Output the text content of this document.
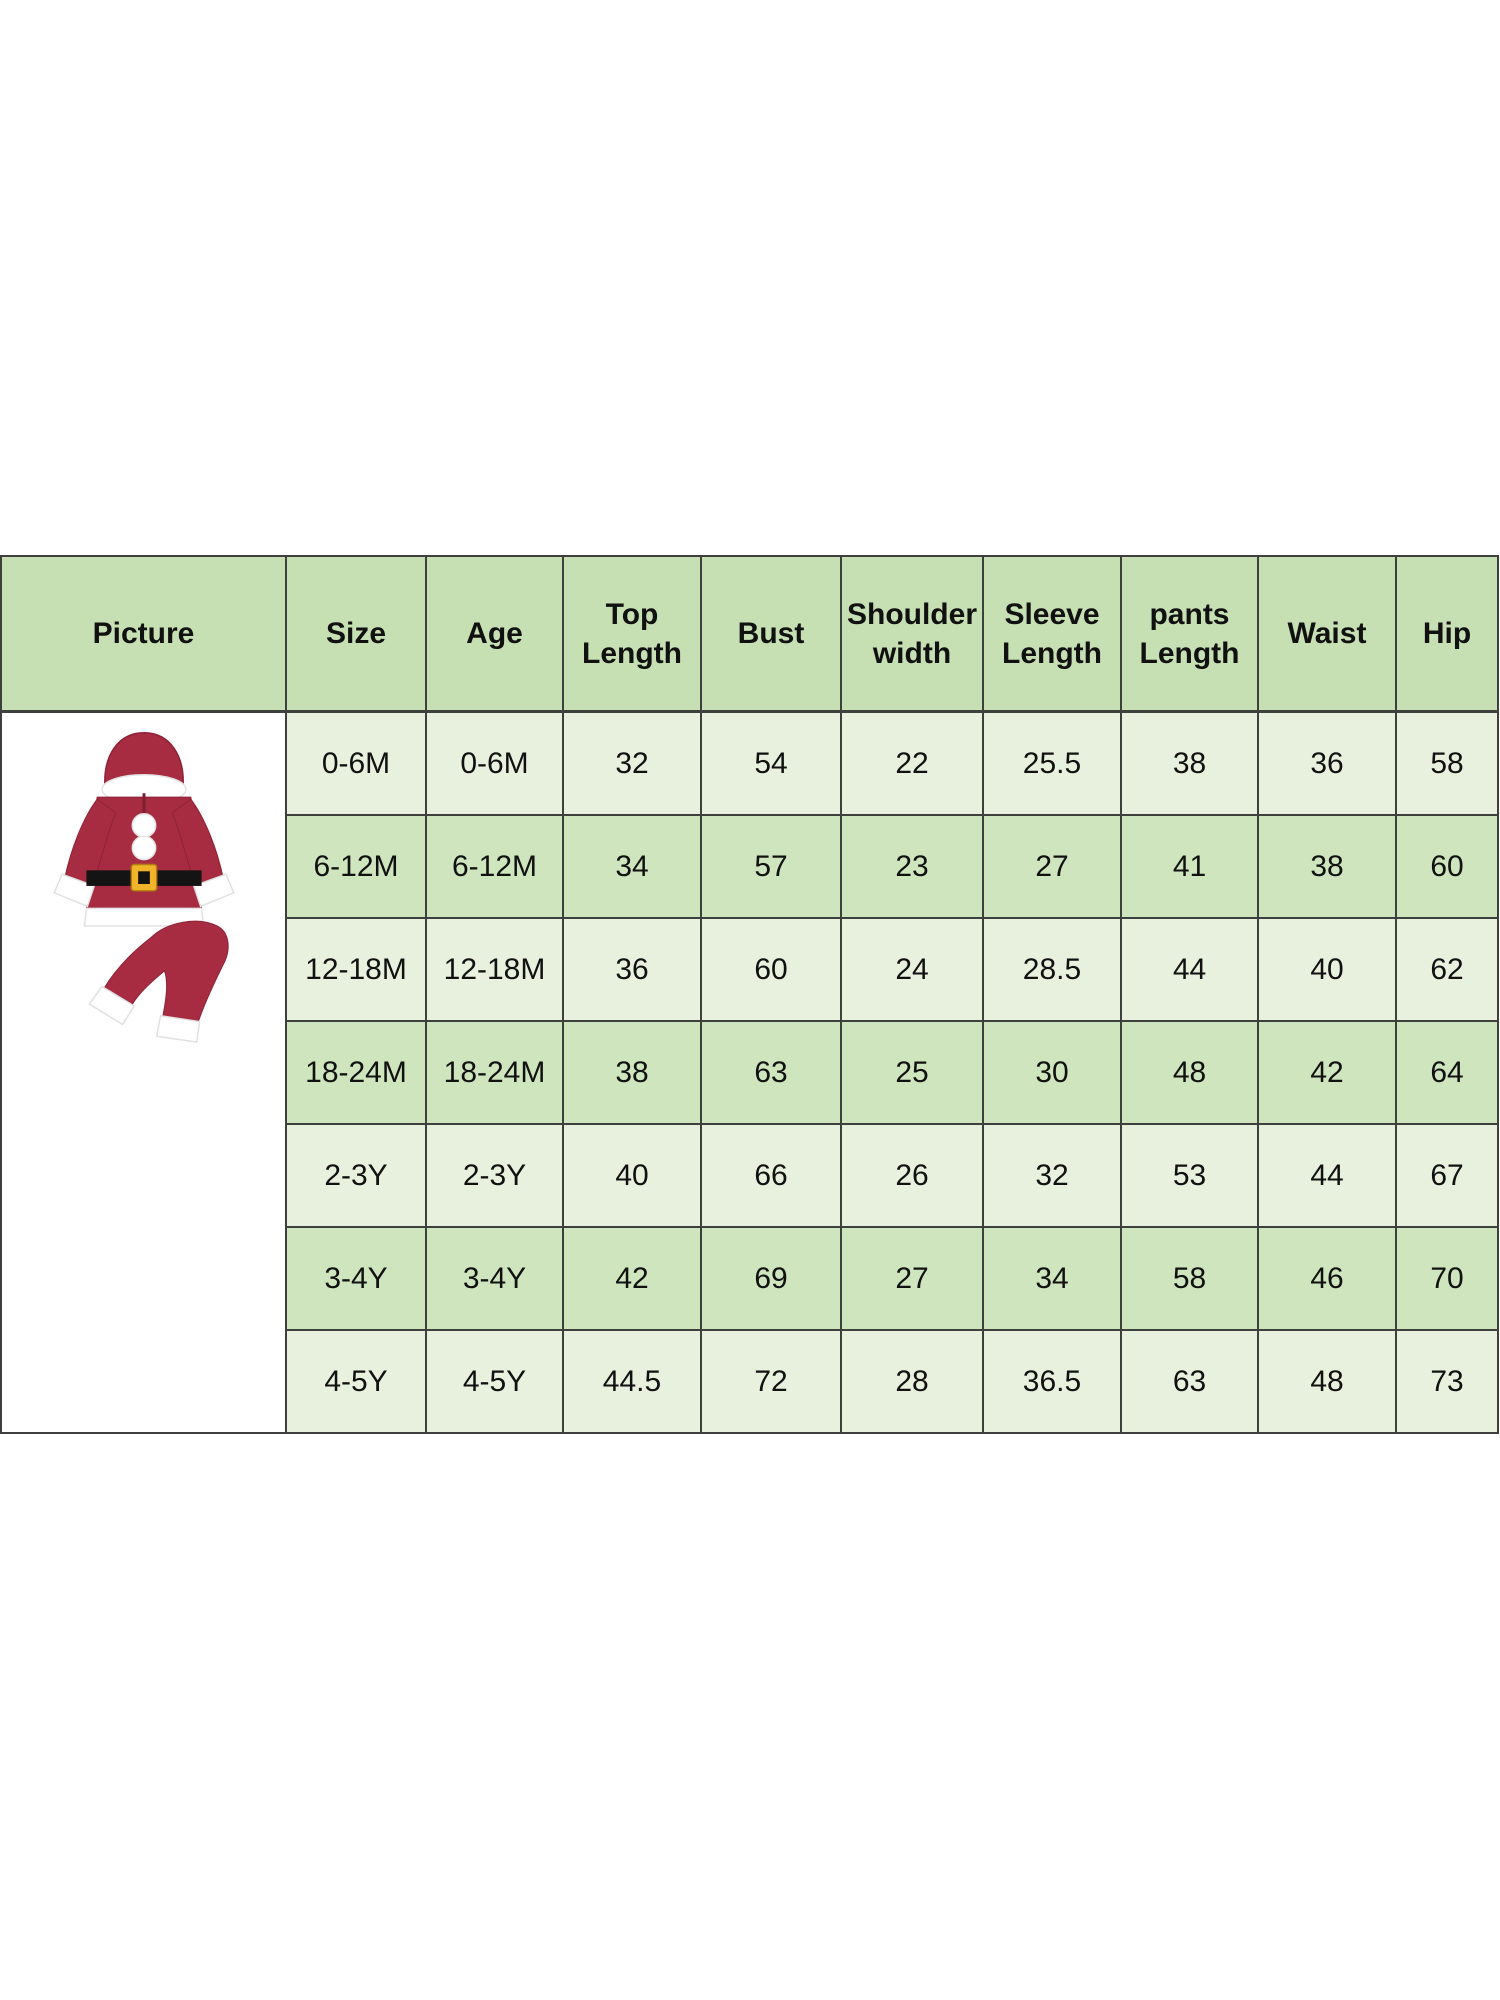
Picture	Size	Age	Top Length	Bust	Shoulder width	Sleeve Length	pants Length	Waist	Hip

	0-6M	0-6M	32	54	22	25.5	38	36	58
	6-12M	6-12M	34	57	23	27	41	38	60
	12-18M	12-18M	36	60	24	28.5	44	40	62
	18-24M	18-24M	38	63	25	30	48	42	64
	2-3Y	2-3Y	40	66	26	32	53	44	67
	3-4Y	3-4Y	42	69	27	34	58	46	70
	4-5Y	4-5Y	44.5	72	28	36.5	63	48	73
